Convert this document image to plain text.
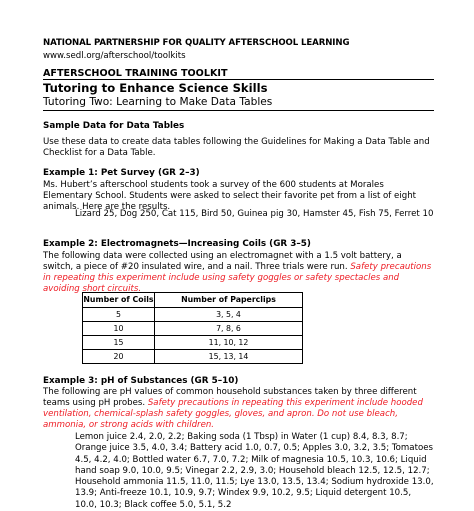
NATIONAL PARTNERSHIP FOR QUALITY AFTERSCHOOL LEARNING
www.sedl.org/afterschool/toolkits
AFTERSCHOOL TRAINING TOOLKIT
Tutoring to Enhance Science Skills
Tutoring Two: Learning to Make Data Tables
Sample Data for Data Tables
Use these data to create data tables following the Guidelines for Making a Data Table and Checklist for a Data Table.
Example 1: Pet Survey (GR 2–3)
Ms. Hubert’s afterschool students took a survey of the 600 students at Morales Elementary School. Students were asked to select their favorite pet from a list of eight animals. Here are the results.
Lizard 25, Dog 250, Cat 115, Bird 50, Guinea pig 30, Hamster 45, Fish 75, Ferret 10
Example 2: Electromagnets—Increasing Coils (GR 3–5)
The following data were collected using an electromagnet with a 1.5 volt battery, a switch, a piece of #20 insulated wire, and a nail. Three trials were run. Safety precautions in repeating this experiment include using safety goggles or safety spectacles and avoiding short circuits.
Number of Coils	Number of Paperclips
5	3, 5, 4
10	7, 8, 6
15	11, 10, 12
20	15, 13, 14
Example 3: pH of Substances (GR 5–10)
The following are pH values of common household substances taken by three different teams using pH probes. Safety precautions in repeating this experiment include hooded ventilation, chemical-splash safety goggles, gloves, and apron. Do not use bleach, ammonia, or strong acids with children.
Lemon juice 2.4, 2.0, 2.2; Baking soda (1 Tbsp) in Water (1 cup) 8.4, 8.3, 8.7; Orange juice 3.5, 4.0, 3.4; Battery acid 1.0, 0.7, 0.5; Apples 3.0, 3.2, 3.5; Tomatoes 4.5, 4.2, 4.0; Bottled water 6.7, 7.0, 7.2; Milk of magnesia 10.5, 10.3, 10.6; Liquid hand soap 9.0, 10.0, 9.5; Vinegar 2.2, 2.9, 3.0; Household bleach 12.5, 12.5, 12.7; Household ammonia 11.5, 11.0, 11.5; Lye 13.0, 13.5, 13.4; Sodium hydroxide 13.0, 13.9; Anti-freeze 10.1, 10.9, 9.7; Windex 9.9, 10.2, 9.5; Liquid detergent 10.5, 10.0, 10.3; Black coffee 5.0, 5.1, 5.2
